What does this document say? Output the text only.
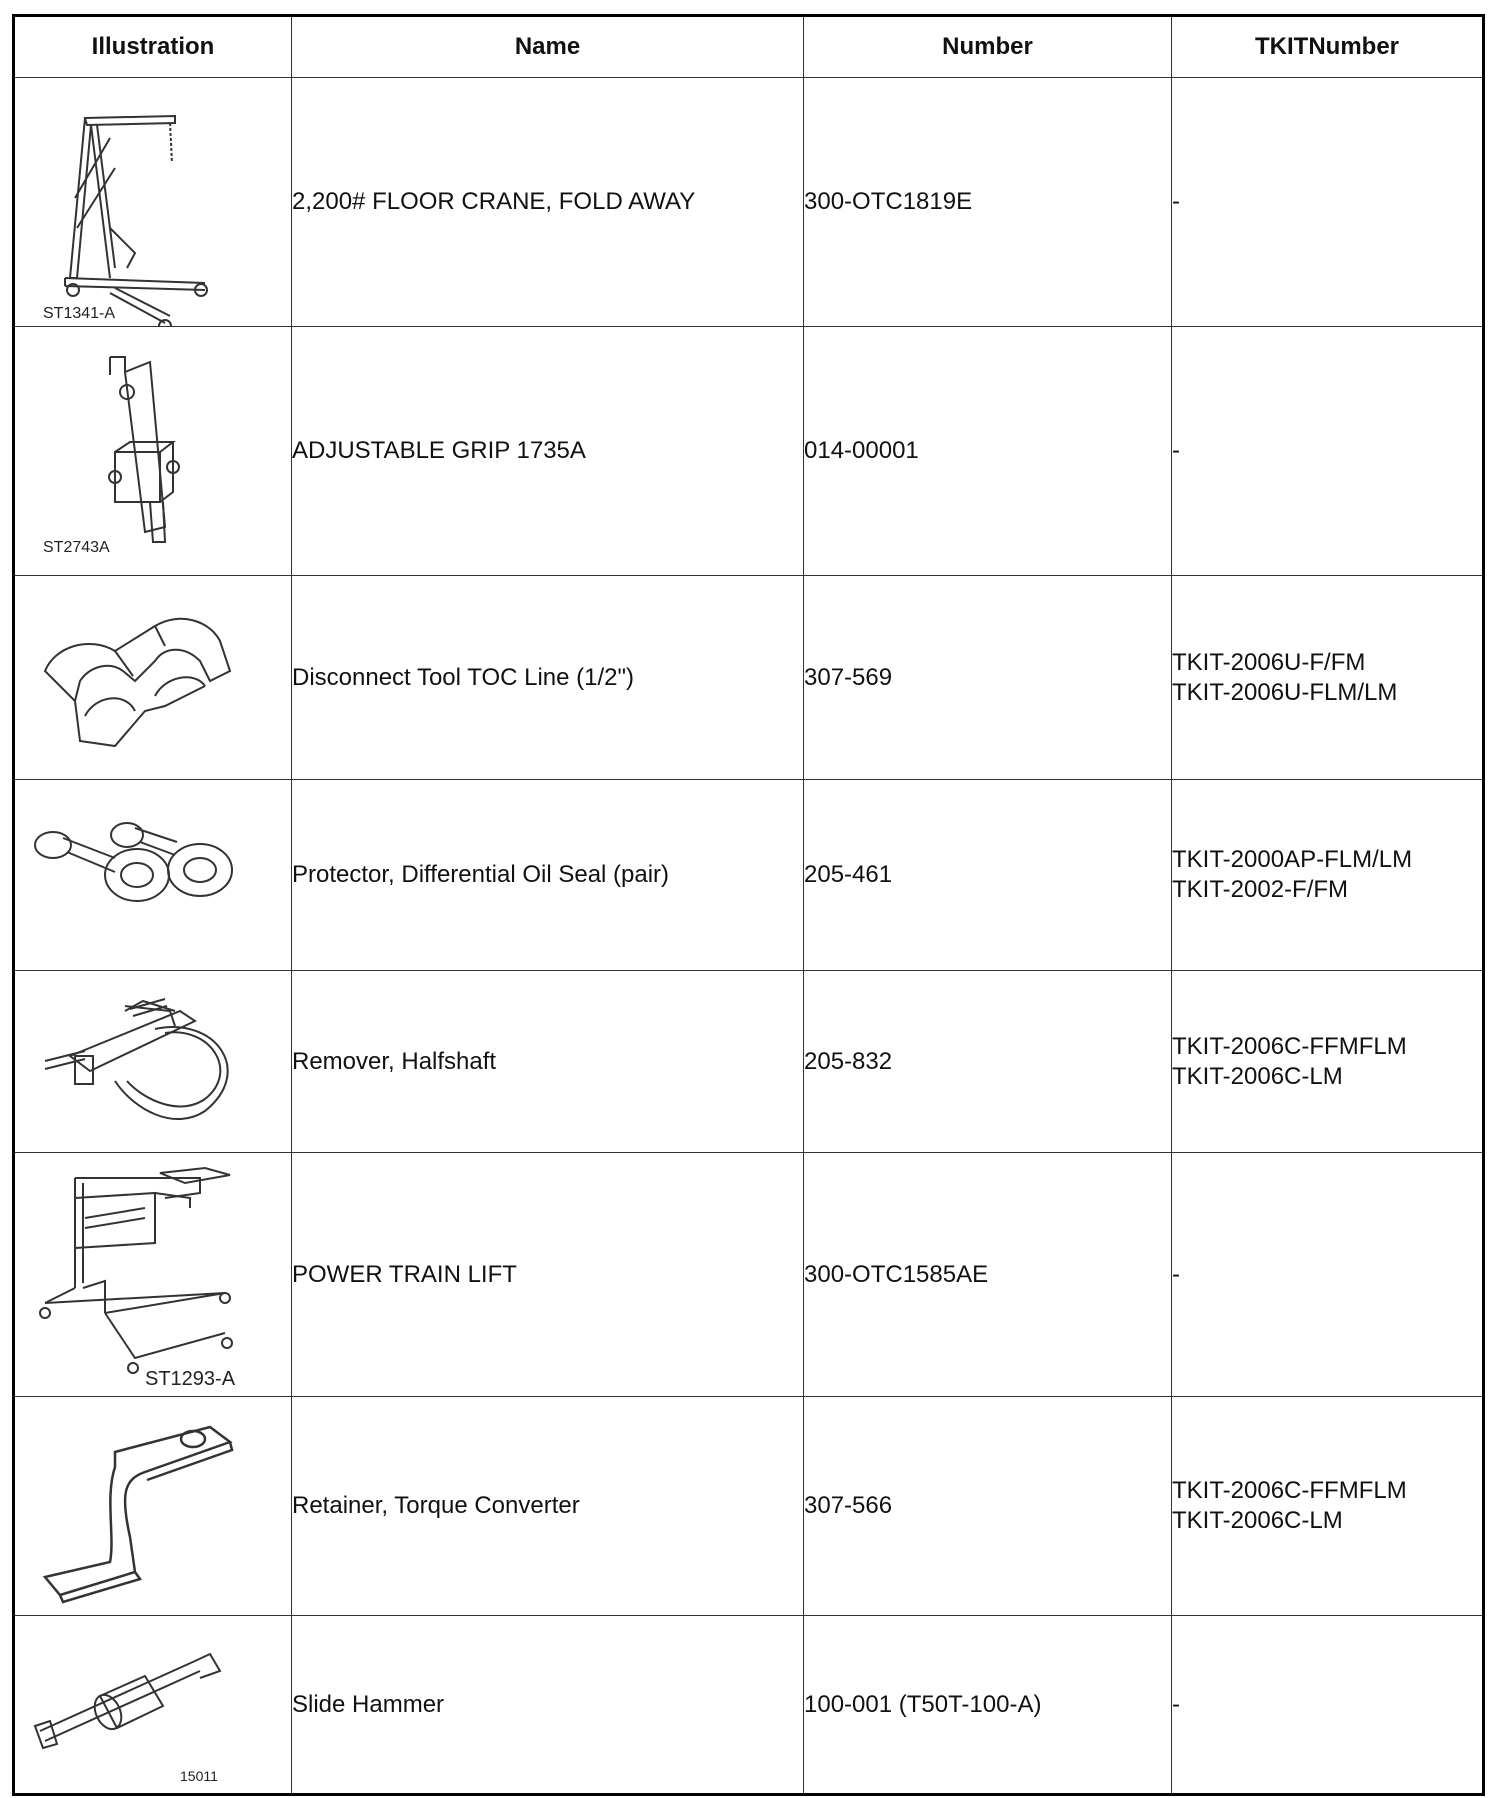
Illustration	Name	Number	TKITNumber

ST1341-A	2,200# FLOOR CRANE, FOLD AWAY	300-OTC1819E	-

ST2743A	ADJUSTABLE GRIP 1735A	014-00001	-

	Disconnect Tool TOC Line (1/2")	307-569	TKIT-2006U-F/FM
TKIT-2006U-FLM/LM

	Protector, Differential Oil Seal (pair)	205-461	TKIT-2000AP-FLM/LM
TKIT-2002-F/FM

	Remover, Halfshaft	205-832	TKIT-2006C-FFMFLM
TKIT-2006C-LM

ST1293-A	POWER TRAIN LIFT	300-OTC1585AE	-

	Retainer, Torque Converter	307-566	TKIT-2006C-FFMFLM
TKIT-2006C-LM

15011	Slide Hammer	100-001 (T50T-100-A)	-
